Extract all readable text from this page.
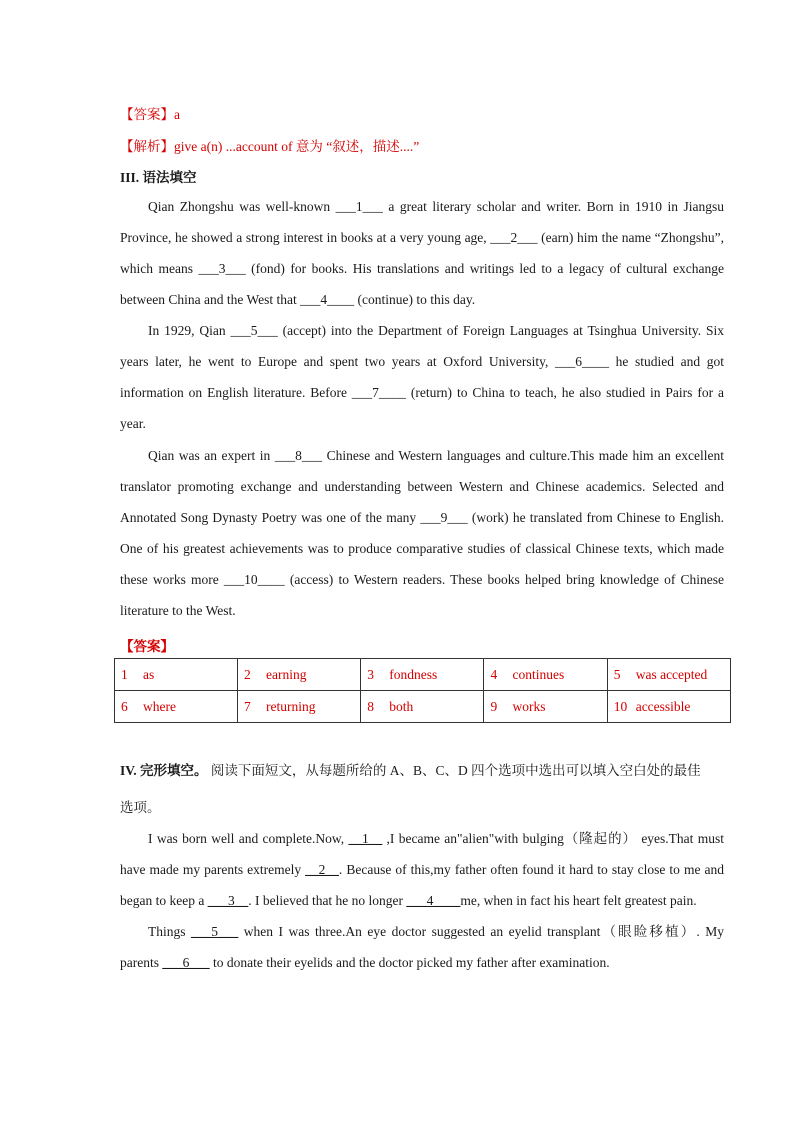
【答案】a
【解析】give a(n) ...account of 意为 “叙述，描述....”
III. 语法填空
Qian Zhongshu was well-known ___1___ a great literary scholar and writer. Born in 1910 in Jiangsu Province, he showed a strong interest in books at a very young age, ___2___ (earn) him the name “Zhongshu”, which means ___3___ (fond) for books. His translations and writings led to a legacy of cultural exchange between China and the West that ___4____ (continue) to this day.
In 1929, Qian ___5___ (accept) into the Department of Foreign Languages at Tsinghua University. Six years later, he went to Europe and spent two years at Oxford University, ___6____ he studied and got information on English literature. Before ___7____ (return) to China to teach, he also studied in Pairs for a year.
Qian was an expert in ___8___ Chinese and Western languages and culture.This made him an excellent translator promoting exchange and understanding between Western and Chinese academics. Selected and Annotated Song Dynasty Poetry was one of the many ___9___ (work) he translated from Chinese to English. One of his greatest achievements was to produce comparative studies of classical Chinese texts, which made these works more ___10____ (access) to Western readers. These books helped bring knowledge of Chinese literature to the West.
【答案】
1 as	2 earning	3 fondness	4 continues	5 was accepted
6 where	7 returning	8 both	9 works	10 accessible
IV. 完形填空。 阅读下面短文，从每题所给的 A、B、C、D 四个选项中选出可以填入空白处的最佳
选项。
I was born well and complete.Now, __1__ ,I became an"alien"with bulging（隆起的） eyes.That must have made my parents extremely __2__. Because of this,my father often found it hard to stay close to me and began to keep a ___3__. I believed that he no longer ___4____me, when in fact his heart felt greatest pain.
Things ___5___ when I was three.An eye doctor suggested an eyelid transplant（眼睑移植）. My parents ___6___ to donate their eyelids and the doctor picked my father after examination.
